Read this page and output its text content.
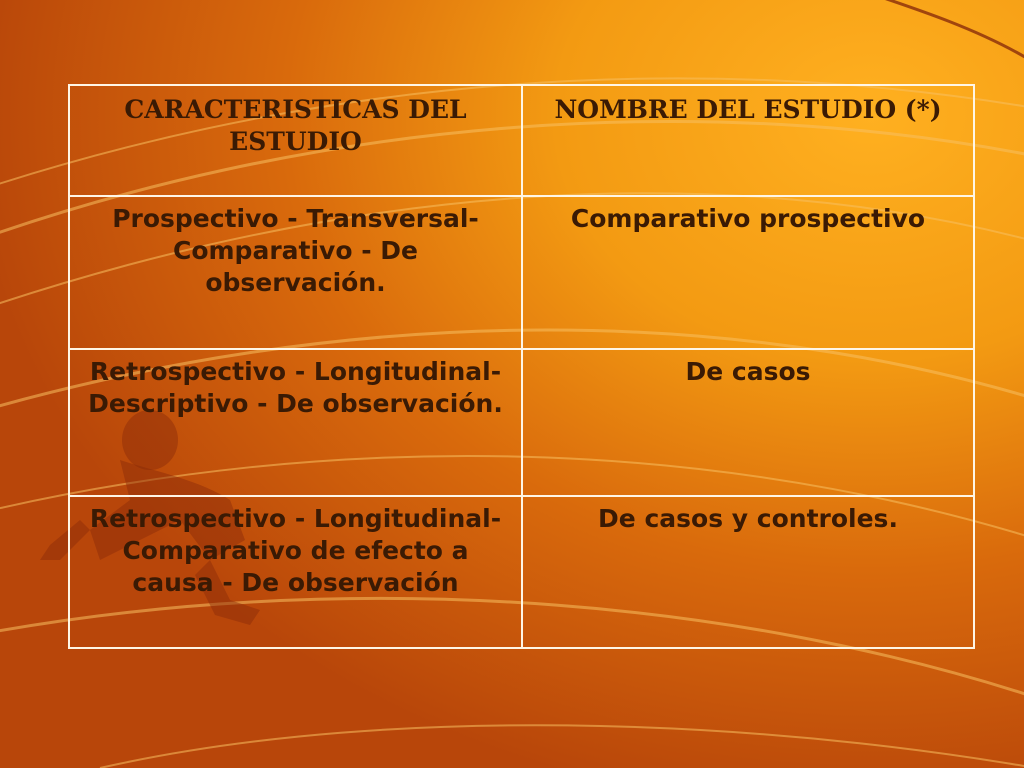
CARACTERISTICAS DEL ESTUDIO	NOMBRE DEL ESTUDIO (*)
Prospectivo - Transversal-Comparativo - De observación.	Comparativo prospectivo
Retrospectivo - Longitudinal-Descriptivo - De observación.	De casos
Retrospectivo - Longitudinal-Comparativo de efecto a causa - De observación	De casos y controles.
